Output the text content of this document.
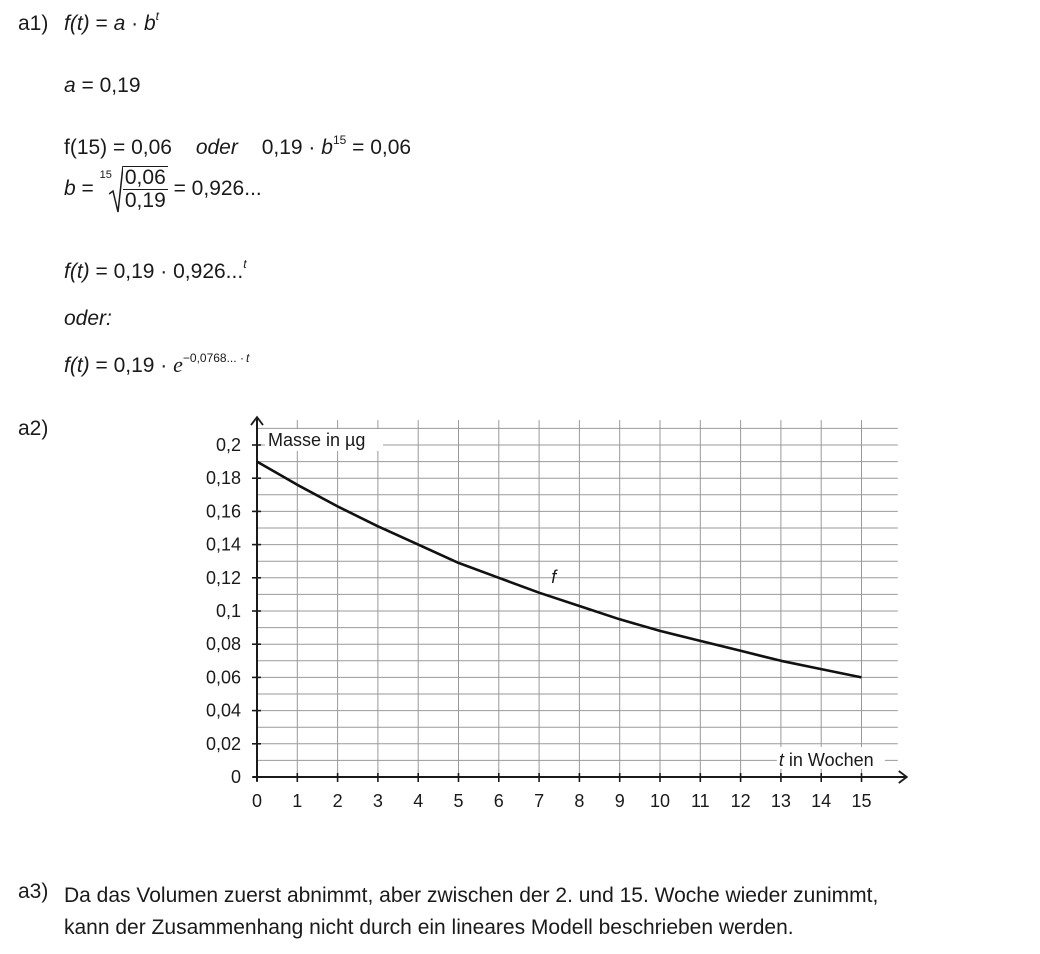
a1) $f(t) = a \cdot b^t$
a = 0,19
f(15) = 0,06 oder $0,19 \cdot b^{15} = 0,06$
b =
$15 \frac{0,06}{0,19} = 0,926$...
f(t) = 0,19 · 0,926...$^t$
oder:
$f(t) = 0,19 \cdot e^{-0,0768... \cdot}$ $^t$
a2)
0 1 2 3 4 5 6 7 8 9 10 11 12 13 14 15
0
0,02
0,04
0,06
0,08
0,1
0,12
0,14
0,16
0,18
0,2 Masse in µg
t in Wochen
f
a3) Da das Volumen zuerst abnimmt, aber zwischen der 2. und 15. Woche wieder zunimmt,
kann der Zusammenhang nicht durch ein lineares Modell beschrieben werden.
